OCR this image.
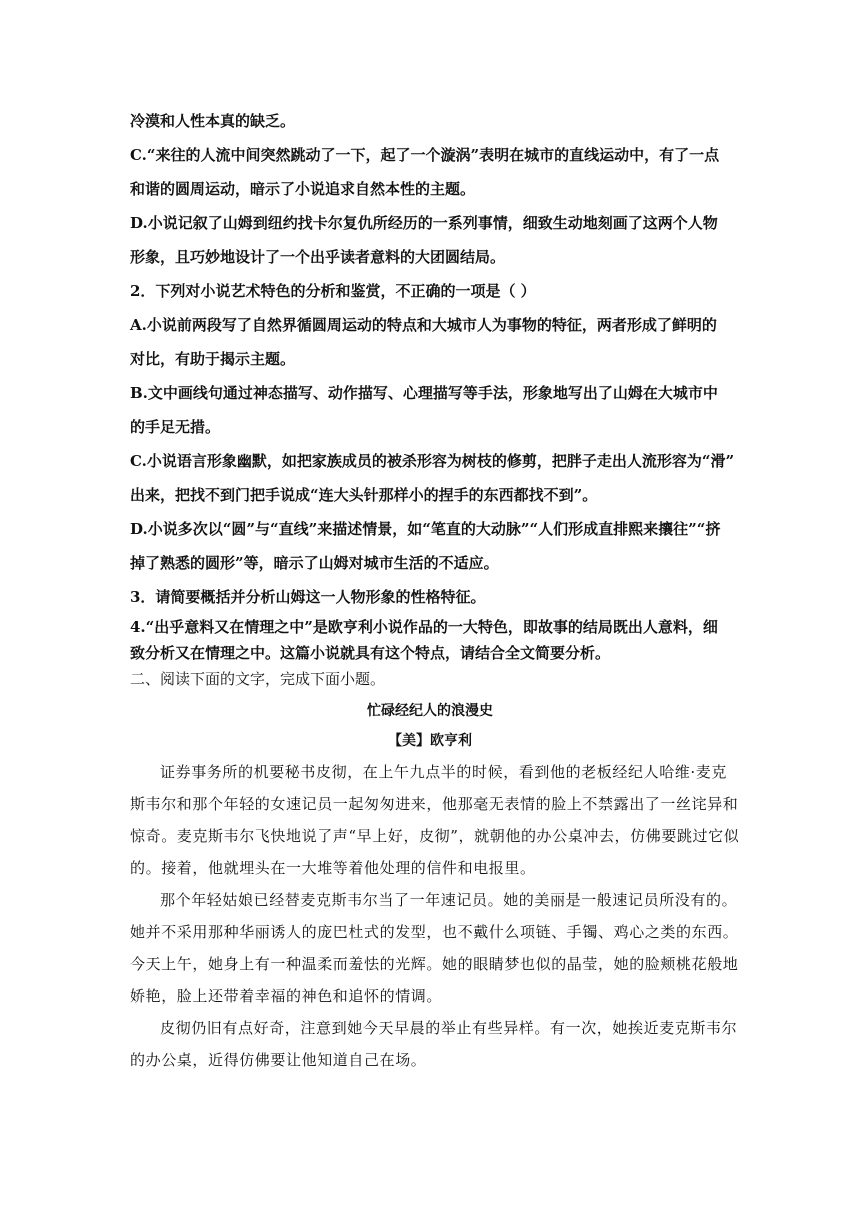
冷漠和人性本真的缺乏。
C.“来往的人流中间突然跳动了一下，起了一个漩涡”表明在城市的直线运动中，有了一点
和谐的圆周运动，暗示了小说追求自然本性的主题。
D.小说记叙了山姆到纽约找卡尔复仇所经历的一系列事情，细致生动地刻画了这两个人物
形象，且巧妙地设计了一个出乎读者意料的大团圆结局。
2．下列对小说艺术特色的分析和鉴赏，不正确的一项是（ ）
A.小说前两段写了自然界循圆周运动的特点和大城市人为事物的特征，两者形成了鲜明的
对比，有助于揭示主题。
B.文中画线句通过神态描写、动作描写、心理描写等手法，形象地写出了山姆在大城市中
的手足无措。
C.小说语言形象幽默，如把家族成员的被杀形容为树枝的修剪，把胖子走出人流形容为“滑”
出来，把找不到门把手说成“连大头针那样小的捏手的东西都找不到”。
D.小说多次以“圆”与“直线”来描述情景，如“笔直的大动脉”“人们形成直排熙来攘往”“挤
掉了熟悉的圆形”等，暗示了山姆对城市生活的不适应。
3．请简要概括并分析山姆这一人物形象的性格特征。
4.“出乎意料又在情理之中”是欧亨利小说作品的一大特色，即故事的结局既出人意料，细
致分析又在情理之中。这篇小说就具有这个特点，请结合全文简要分析。
二、阅读下面的文字，完成下面小题。
忙碌经纪人的浪漫史
【美】欧亨利
证券事务所的机要秘书皮彻，在上午九点半的时候，看到他的老板经纪人哈维·麦克
斯韦尔和那个年轻的女速记员一起匆匆进来，他那毫无表情的脸上不禁露出了一丝诧异和
惊奇。麦克斯韦尔飞快地说了声“早上好，皮彻”，就朝他的办公桌冲去，仿佛要跳过它似
的。接着，他就埋头在一大堆等着他处理的信件和电报里。
那个年轻姑娘已经替麦克斯韦尔当了一年速记员。她的美丽是一般速记员所没有的。
她并不采用那种华丽诱人的庞巴杜式的发型，也不戴什么项链、手镯、鸡心之类的东西。
今天上午，她身上有一种温柔而羞怯的光辉。她的眼睛梦也似的晶莹，她的脸颊桃花般地
娇艳，脸上还带着幸福的神色和追怀的情调。
皮彻仍旧有点好奇，注意到她今天早晨的举止有些异样。有一次，她挨近麦克斯韦尔
的办公桌，近得仿佛要让他知道自己在场。
